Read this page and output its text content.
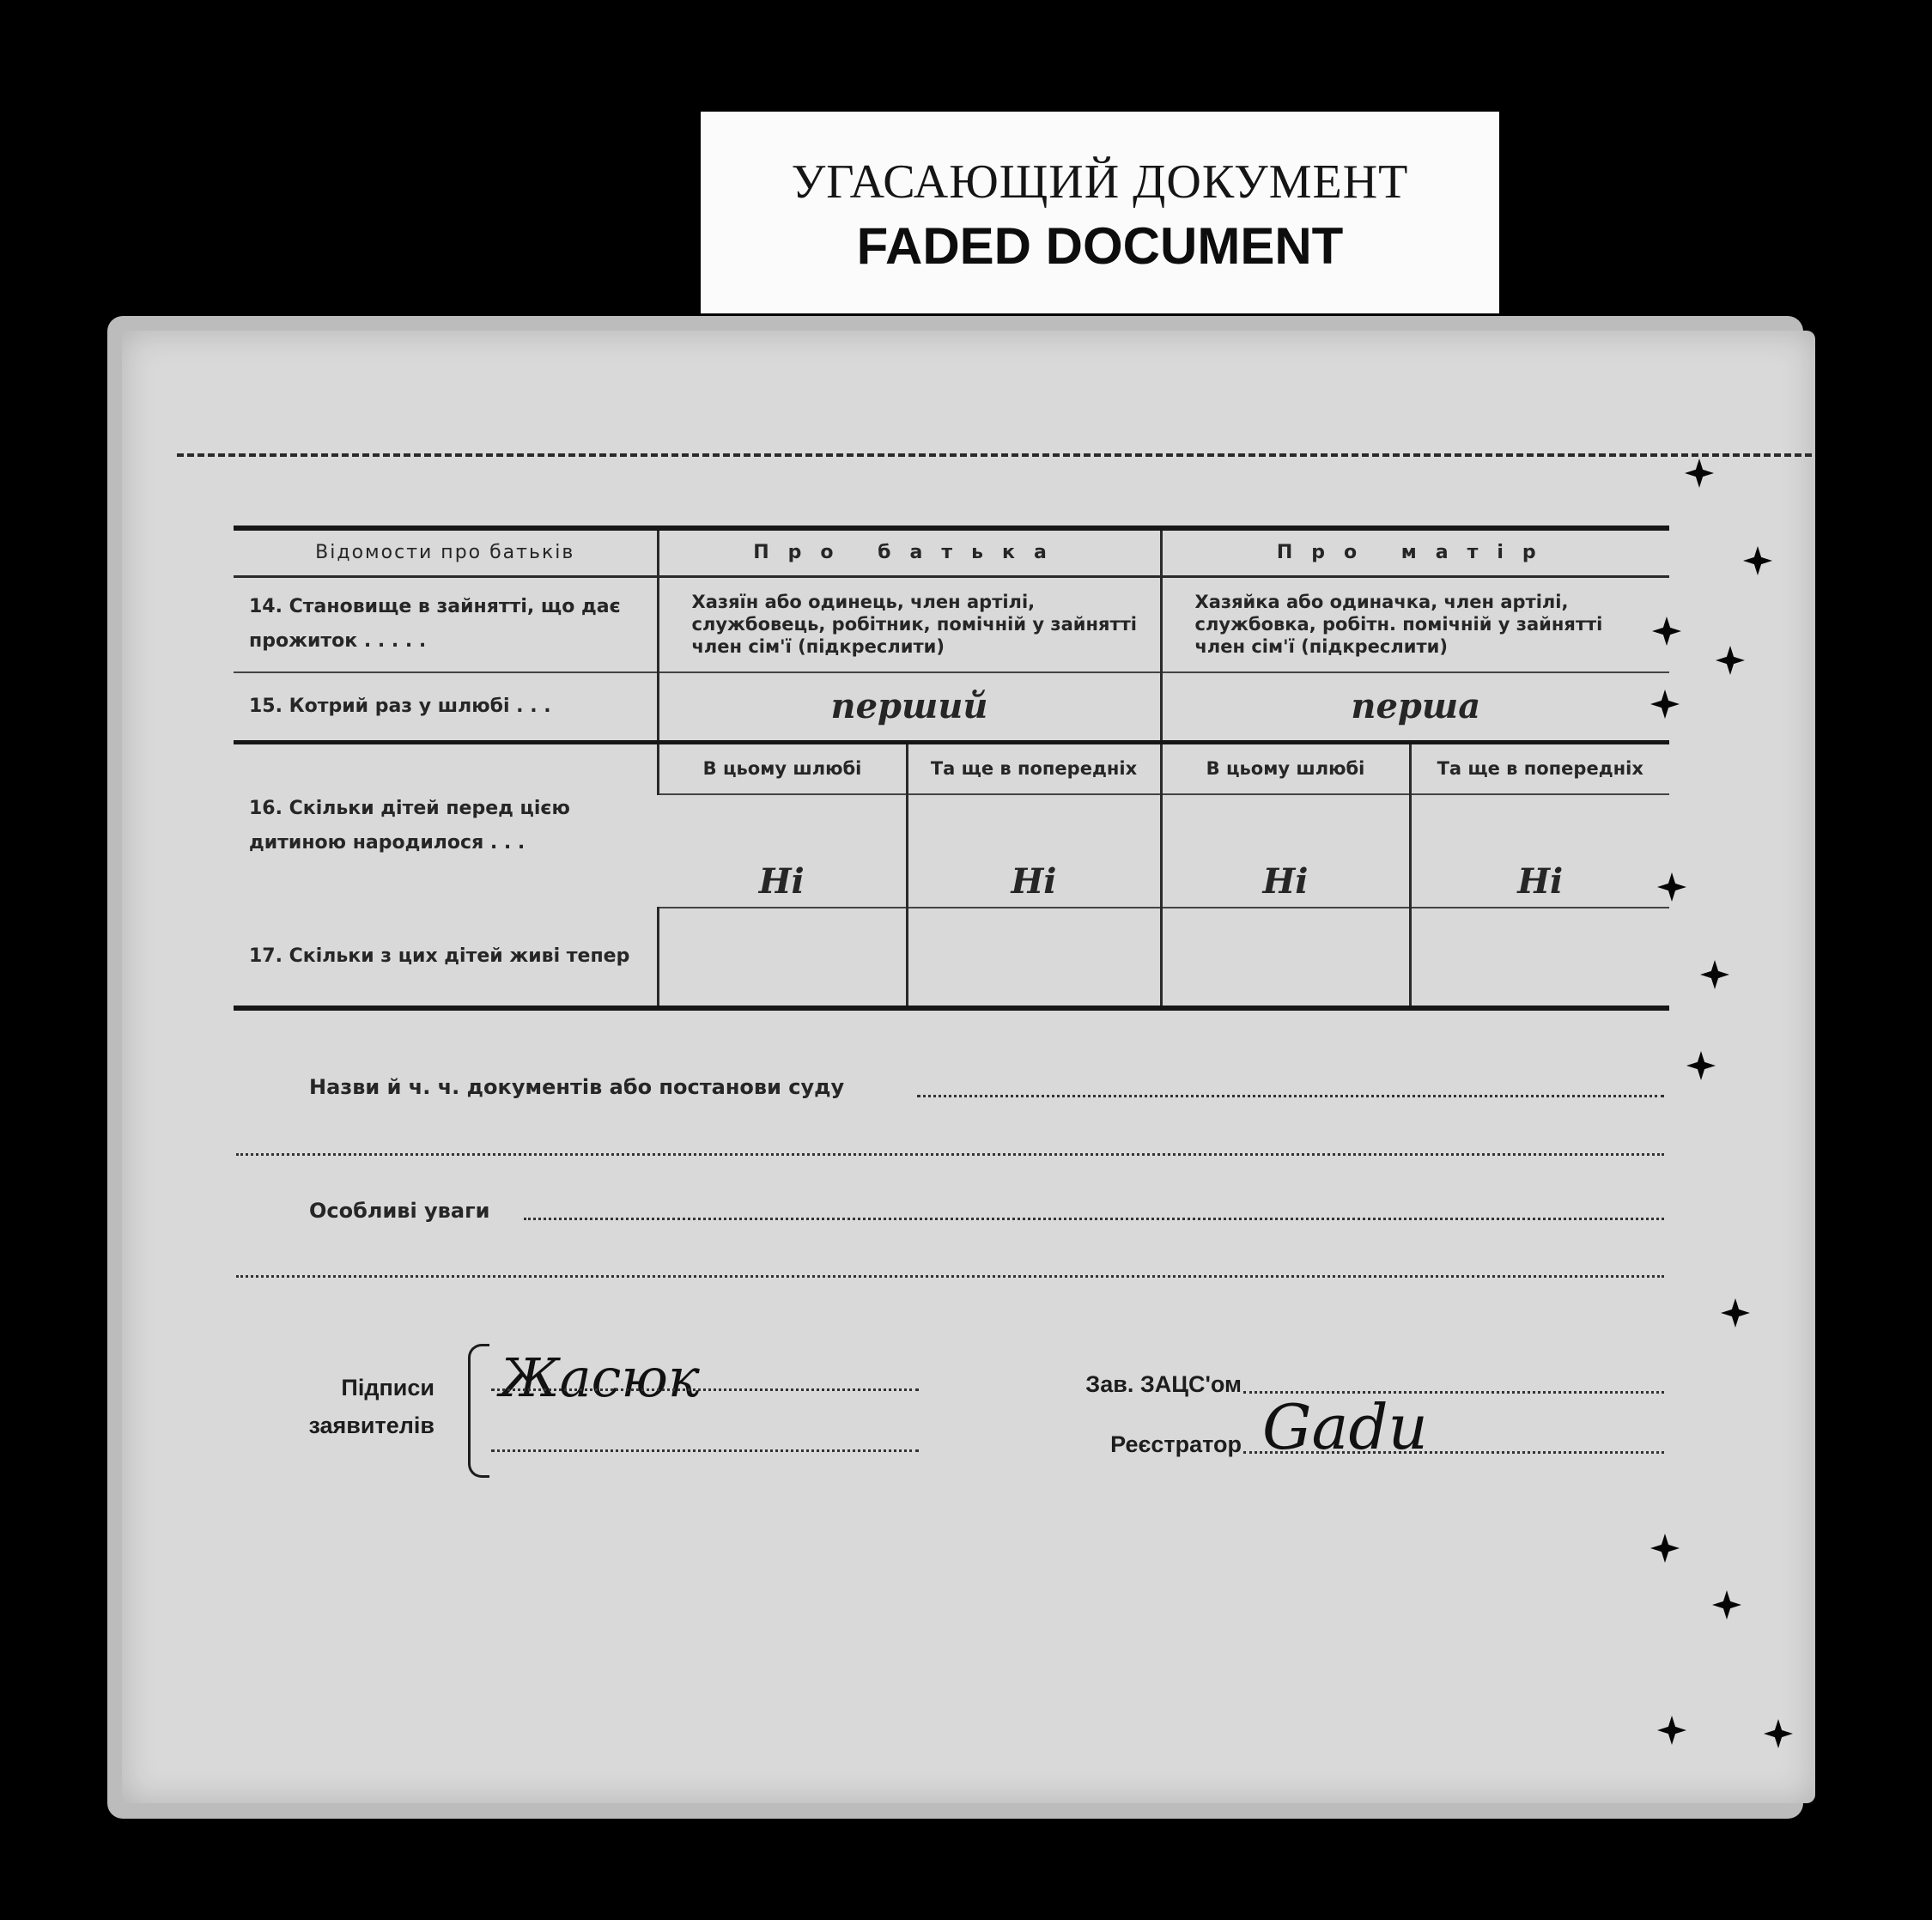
УГАСАЮЩИЙ ДОКУМЕНТ
FADED DOCUMENT
Відомости про батьків	Про батька		Про матір	
14. Становище в зайнятті, що дає прожиток . . . . .	Хазяїн або одинець, член артілі, службовець, робітник, помічній у зайнятті член сім'ї (підкреслити)		Хазяйка або одиначка, член артілі, службовка, робітн. помічній у зайнятті член сім'ї (підкреслити)	
15. Котрий раз у шлюбі . . .	перший		перша	
16. Скільки дітей перед цією дитиною народилося . . .	В цьому шлюбі	Та ще в попередніх	В цьому шлюбі	Та ще в попередніх
	Ні	Ні	Ні	Ні
17. Скільки з цих дітей живі тепер				
Назви й ч. ч. документів або постанови суду
Особливі уваги
Підписи
заявителів
Жасюк	Зав. ЗАЦС'ом
Реєстратор Gadu
